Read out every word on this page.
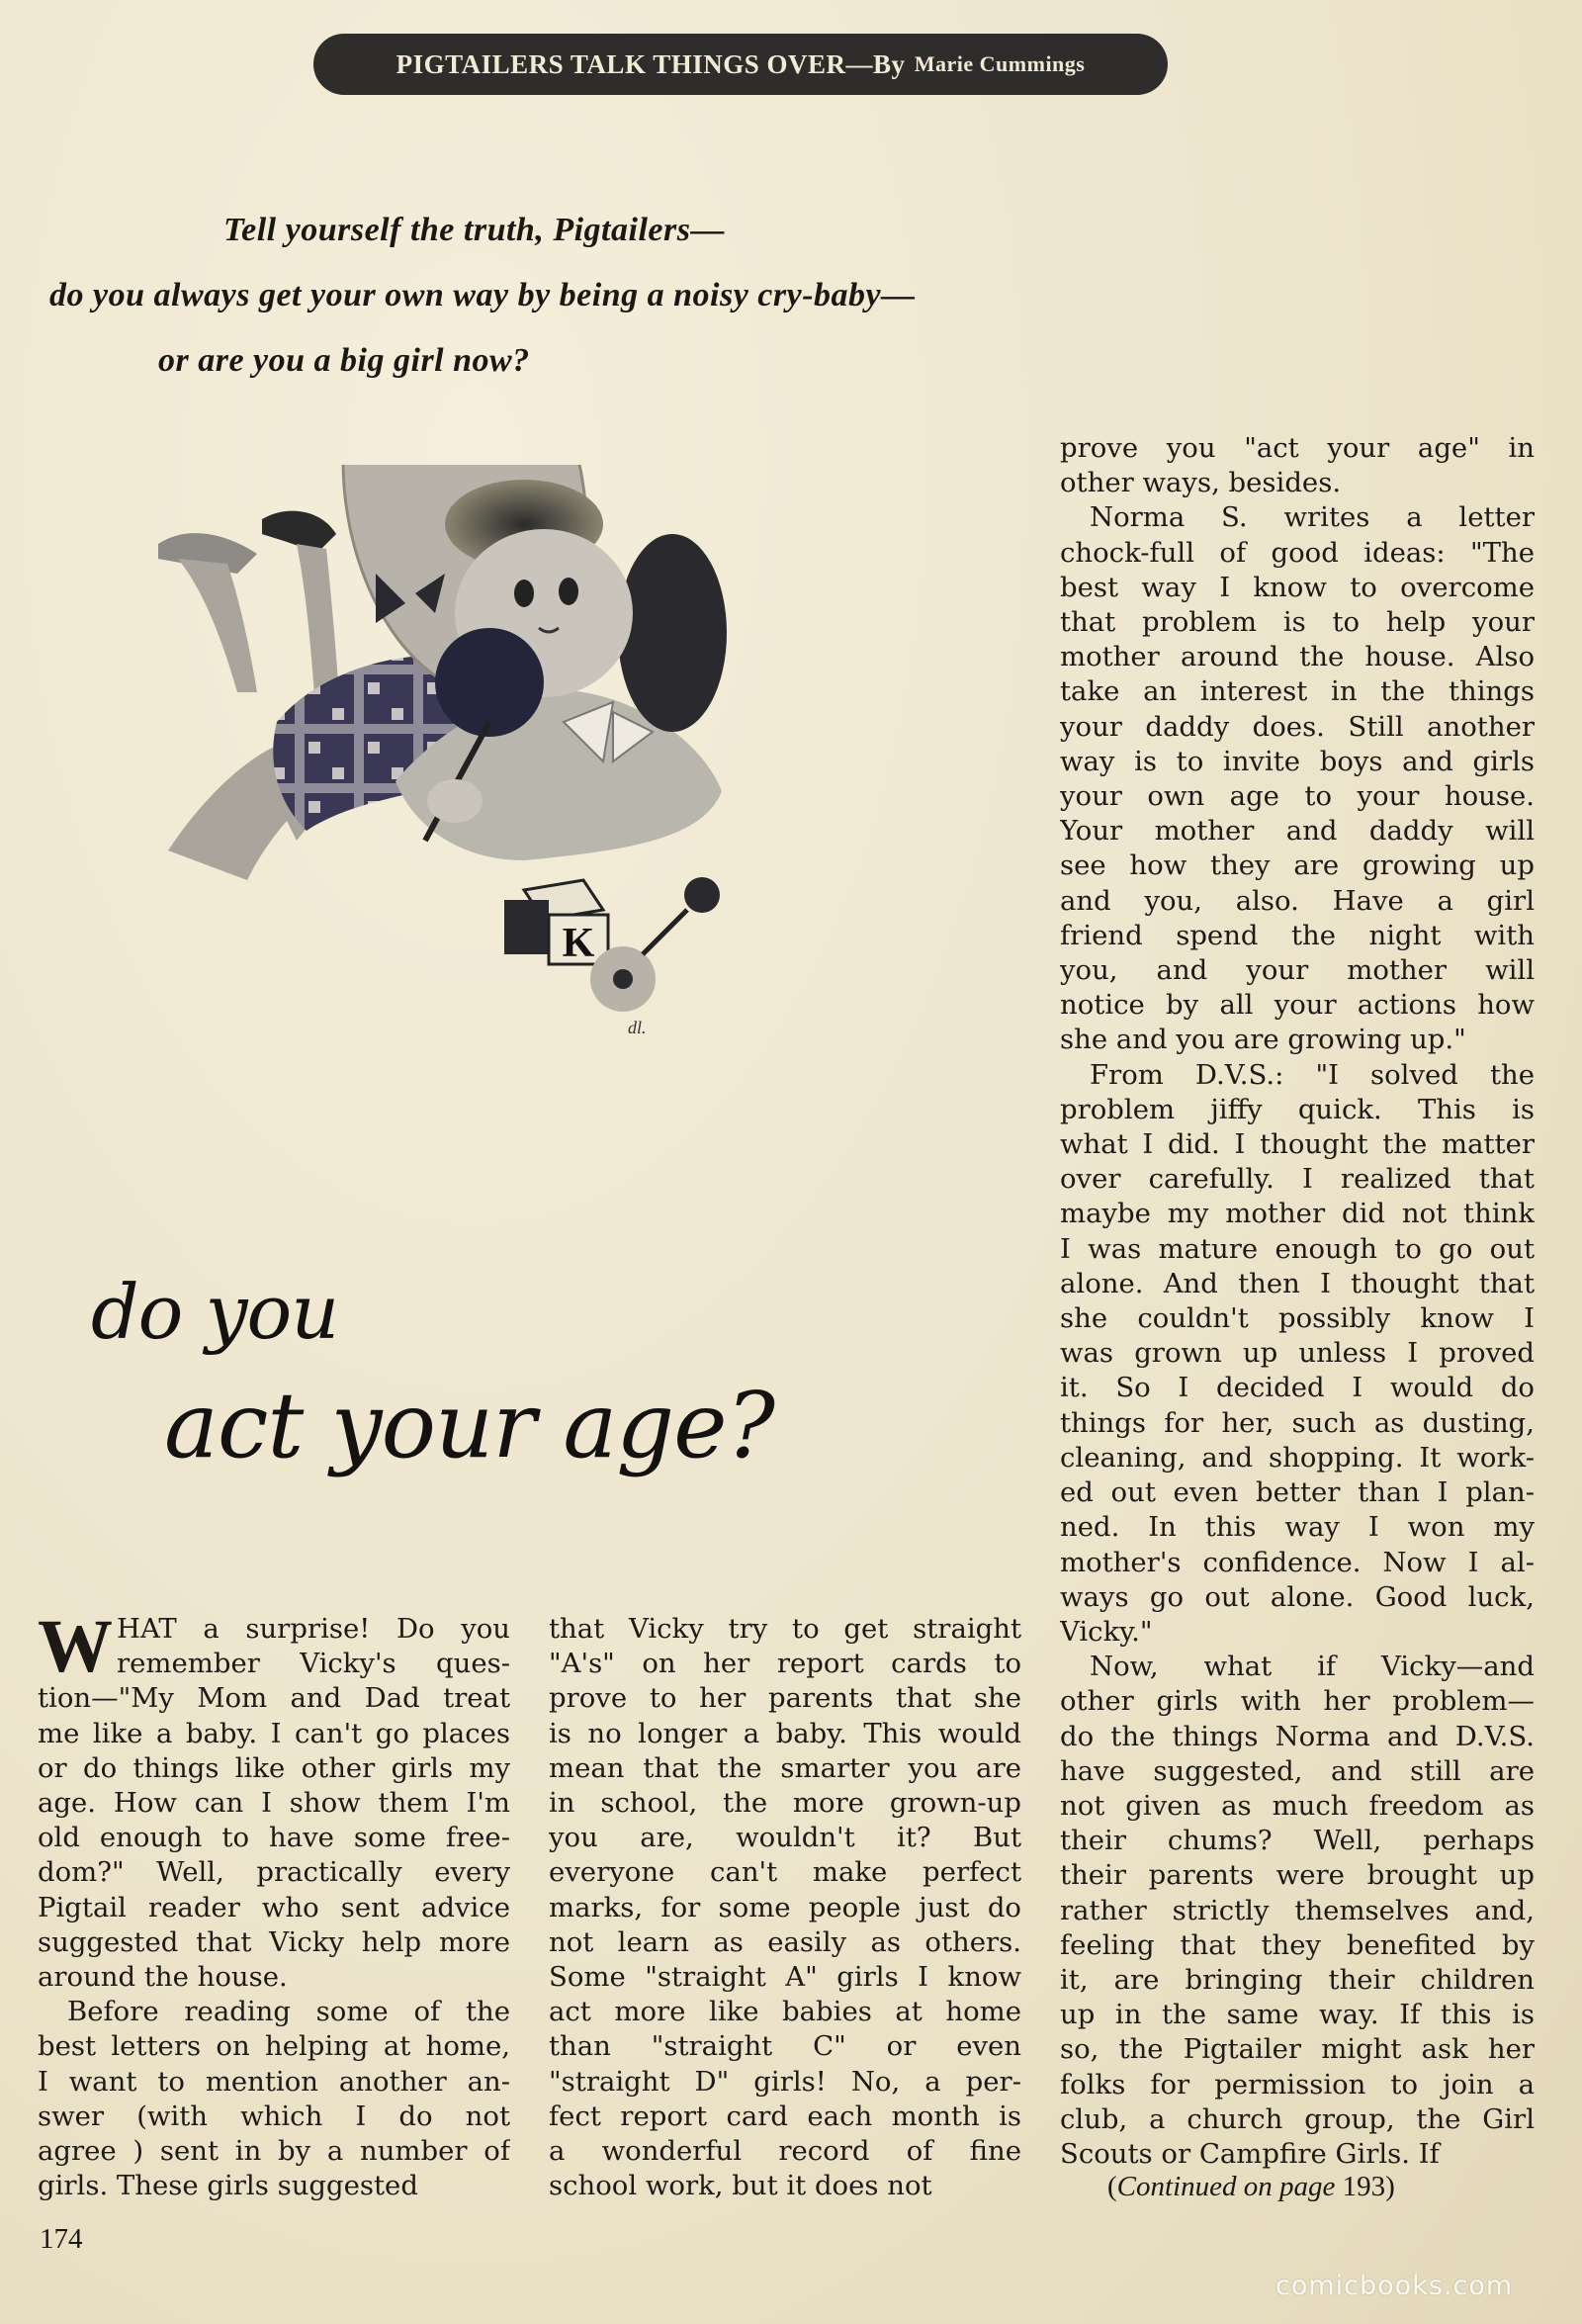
PIGTAILERS TALK THINGS OVER—By
Marie Cummings
Tell yourself the truth, Pigtailers—
do you always get your own way by being a noisy cry-baby—
or are you a big girl now?
K
dl.
do you
act your age?
W HAT a surprise! Do you
remember Vicky's ques-
tion—"My Mom and Dad treat
me like a baby. I can't go places
or do things like other girls my
age. How can I show them I'm
old enough to have some free-
dom?" Well, practically every
Pigtail reader who sent advice
suggested that Vicky help more
around the house.
Before reading some of the
best letters on helping at home,
I want to mention another an-
swer (with which I do not
agree ) sent in by a number of
girls. These girls suggested
that Vicky try to get straight
"A's" on her report cards to
prove to her parents that she
is no longer a baby. This would
mean that the smarter you are
in school, the more grown-up
you are, wouldn't it? But
everyone can't make perfect
marks, for some people just do
not learn as easily as others.
Some "straight A" girls I know
act more like babies at home
than "straight C" or even
"straight D" girls! No, a per-
fect report card each month is
a wonderful record of fine
school work, but it does not
prove you "act your age" in
other ways, besides.
Norma S. writes a letter
chock-full of good ideas: "The
best way I know to overcome
that problem is to help your
mother around the house. Also
take an interest in the things
your daddy does. Still another
way is to invite boys and girls
your own age to your house.
Your mother and daddy will
see how they are growing up
and you, also. Have a girl
friend spend the night with
you, and your mother will
notice by all your actions how
she and you are growing up."
From D.V.S.: "I solved the
problem jiffy quick. This is
what I did. I thought the matter
over carefully. I realized that
maybe my mother did not think
I was mature enough to go out
alone. And then I thought that
she couldn't possibly know I
was grown up unless I proved
it. So I decided I would do
things for her, such as dusting,
cleaning, and shopping. It work-
ed out even better than I plan-
ned. In this way I won my
mother's confidence. Now I al-
ways go out alone. Good luck,
Vicky."
Now, what if Vicky—and
other girls with her problem—
do the things Norma and D.V.S.
have suggested, and still are
not given as much freedom as
their chums? Well, perhaps
their parents were brought up
rather strictly themselves and,
feeling that they benefited by
it, are bringing their children
up in the same way. If this is
so, the Pigtailer might ask her
folks for permission to join a
club, a church group, the Girl
Scouts or Campfire Girls. If
(Continued on page 193)
174
comicbooks.com
